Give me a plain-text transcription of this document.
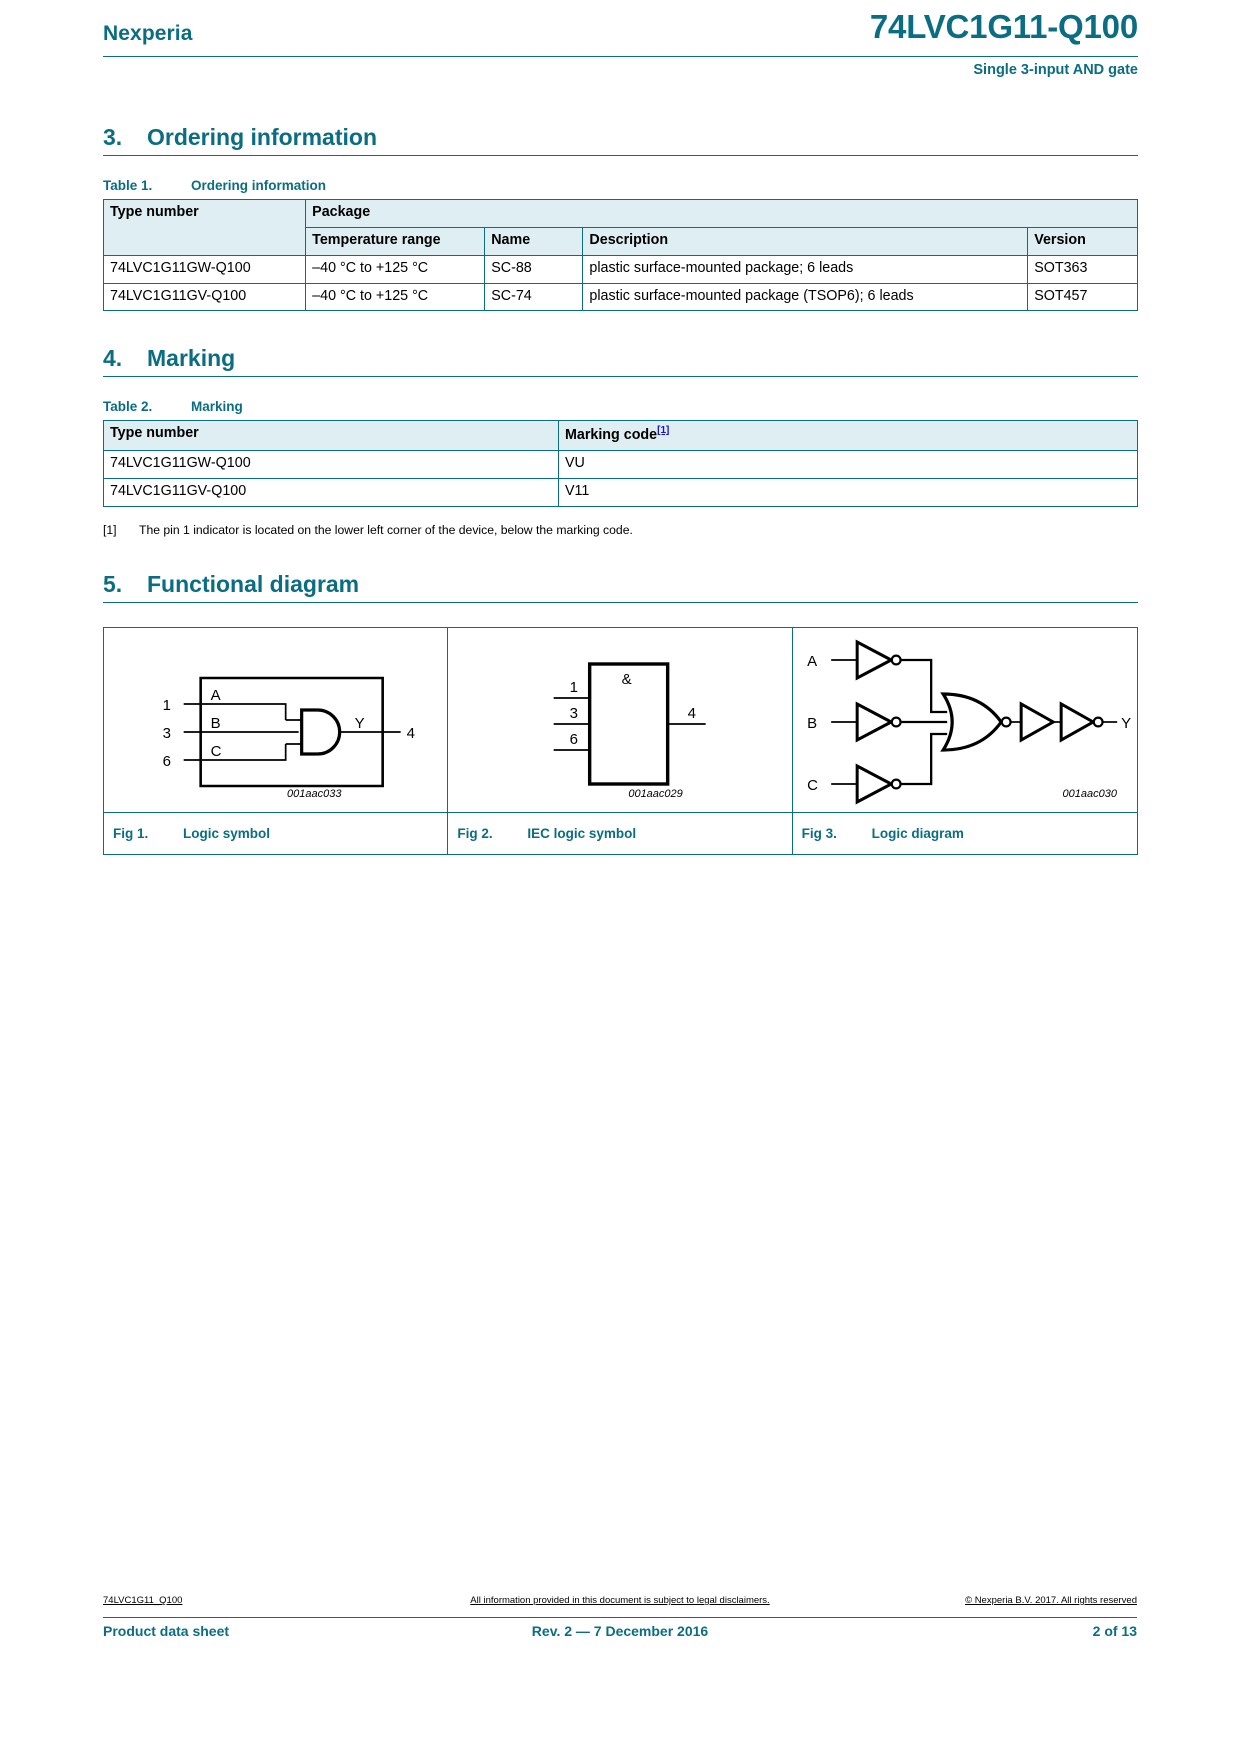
Nexperia	74LVC1G11-Q100
Single 3-input AND gate
3.	Ordering information
Table 1.	Ordering information
Type number	Package			
	Temperature range	Name	Description	Version
74LVC1G11GW-Q100	–40 °C to +125 °C	SC-88	plastic surface-mounted package; 6 leads	SOT363
74LVC1G11GV-Q100	–40 °C to +125 °C	SC-74	plastic surface-mounted package (TSOP6); 6 leads	SOT457
4.	Marking
Table 2.	Marking
Type number	Marking code[1]
74LVC1G11GW-Q100	VU
74LVC1G11GV-Q100	V11
[1]	The pin 1 indicator is located on the lower left corner of the device, below the marking code.
5.	Functional diagram
1
3
6
4
A
B
C
Y
001aac033
Fig 1.	Logic symbol
1
3
6
4
&
001aac029
Fig 2.	IEC logic symbol
A
B
C
Y
001aac030
Fig 3.	Logic diagram
74LVC1G11_Q100	All information provided in this document is subject to legal disclaimers.	© Nexperia B.V. 2017. All rights reserved
Product data sheet	Rev. 2 — 7 December 2016	2 of 13
